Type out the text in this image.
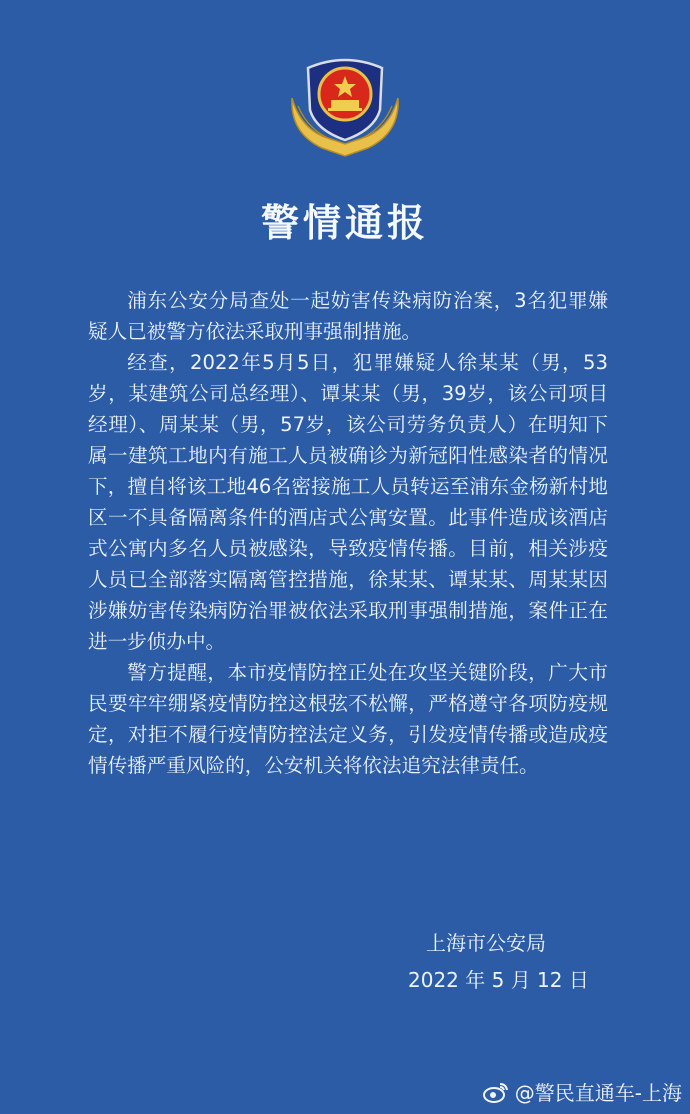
警情通报

浦东公安分局查处一起妨害传染病防治案，3名犯罪嫌疑人已被警方依法采取刑事强制措施。

经查，2022年5月5日，犯罪嫌疑人徐某某（男，53岁，某建筑公司总经理）、谭某某（男，39岁，该公司项目经理）、周某某（男，57岁，该公司劳务负责人）在明知下属一建筑工地内有施工人员被确诊为新冠阳性感染者的情况下，擅自将该工地46名密接施工人员转运至浦东金杨新村地区一不具备隔离条件的酒店式公寓安置。此事件造成该酒店式公寓内多名人员被感染，导致疫情传播。目前，相关涉疫人员已全部落实隔离管控措施，徐某某、谭某某、周某某因涉嫌妨害传染病防治罪被依法采取刑事强制措施，案件正在进一步侦办中。

警方提醒，本市疫情防控正处在攻坚关键阶段，广大市民要牢牢绷紧疫情防控这根弦不松懈，严格遵守各项防疫规定，对拒不履行疫情防控法定义务，引发疫情传播或造成疫情传播严重风险的，公安机关将依法追究法律责任。

上海市公安局
2022 年 5 月 12 日
@警民直通车-上海
